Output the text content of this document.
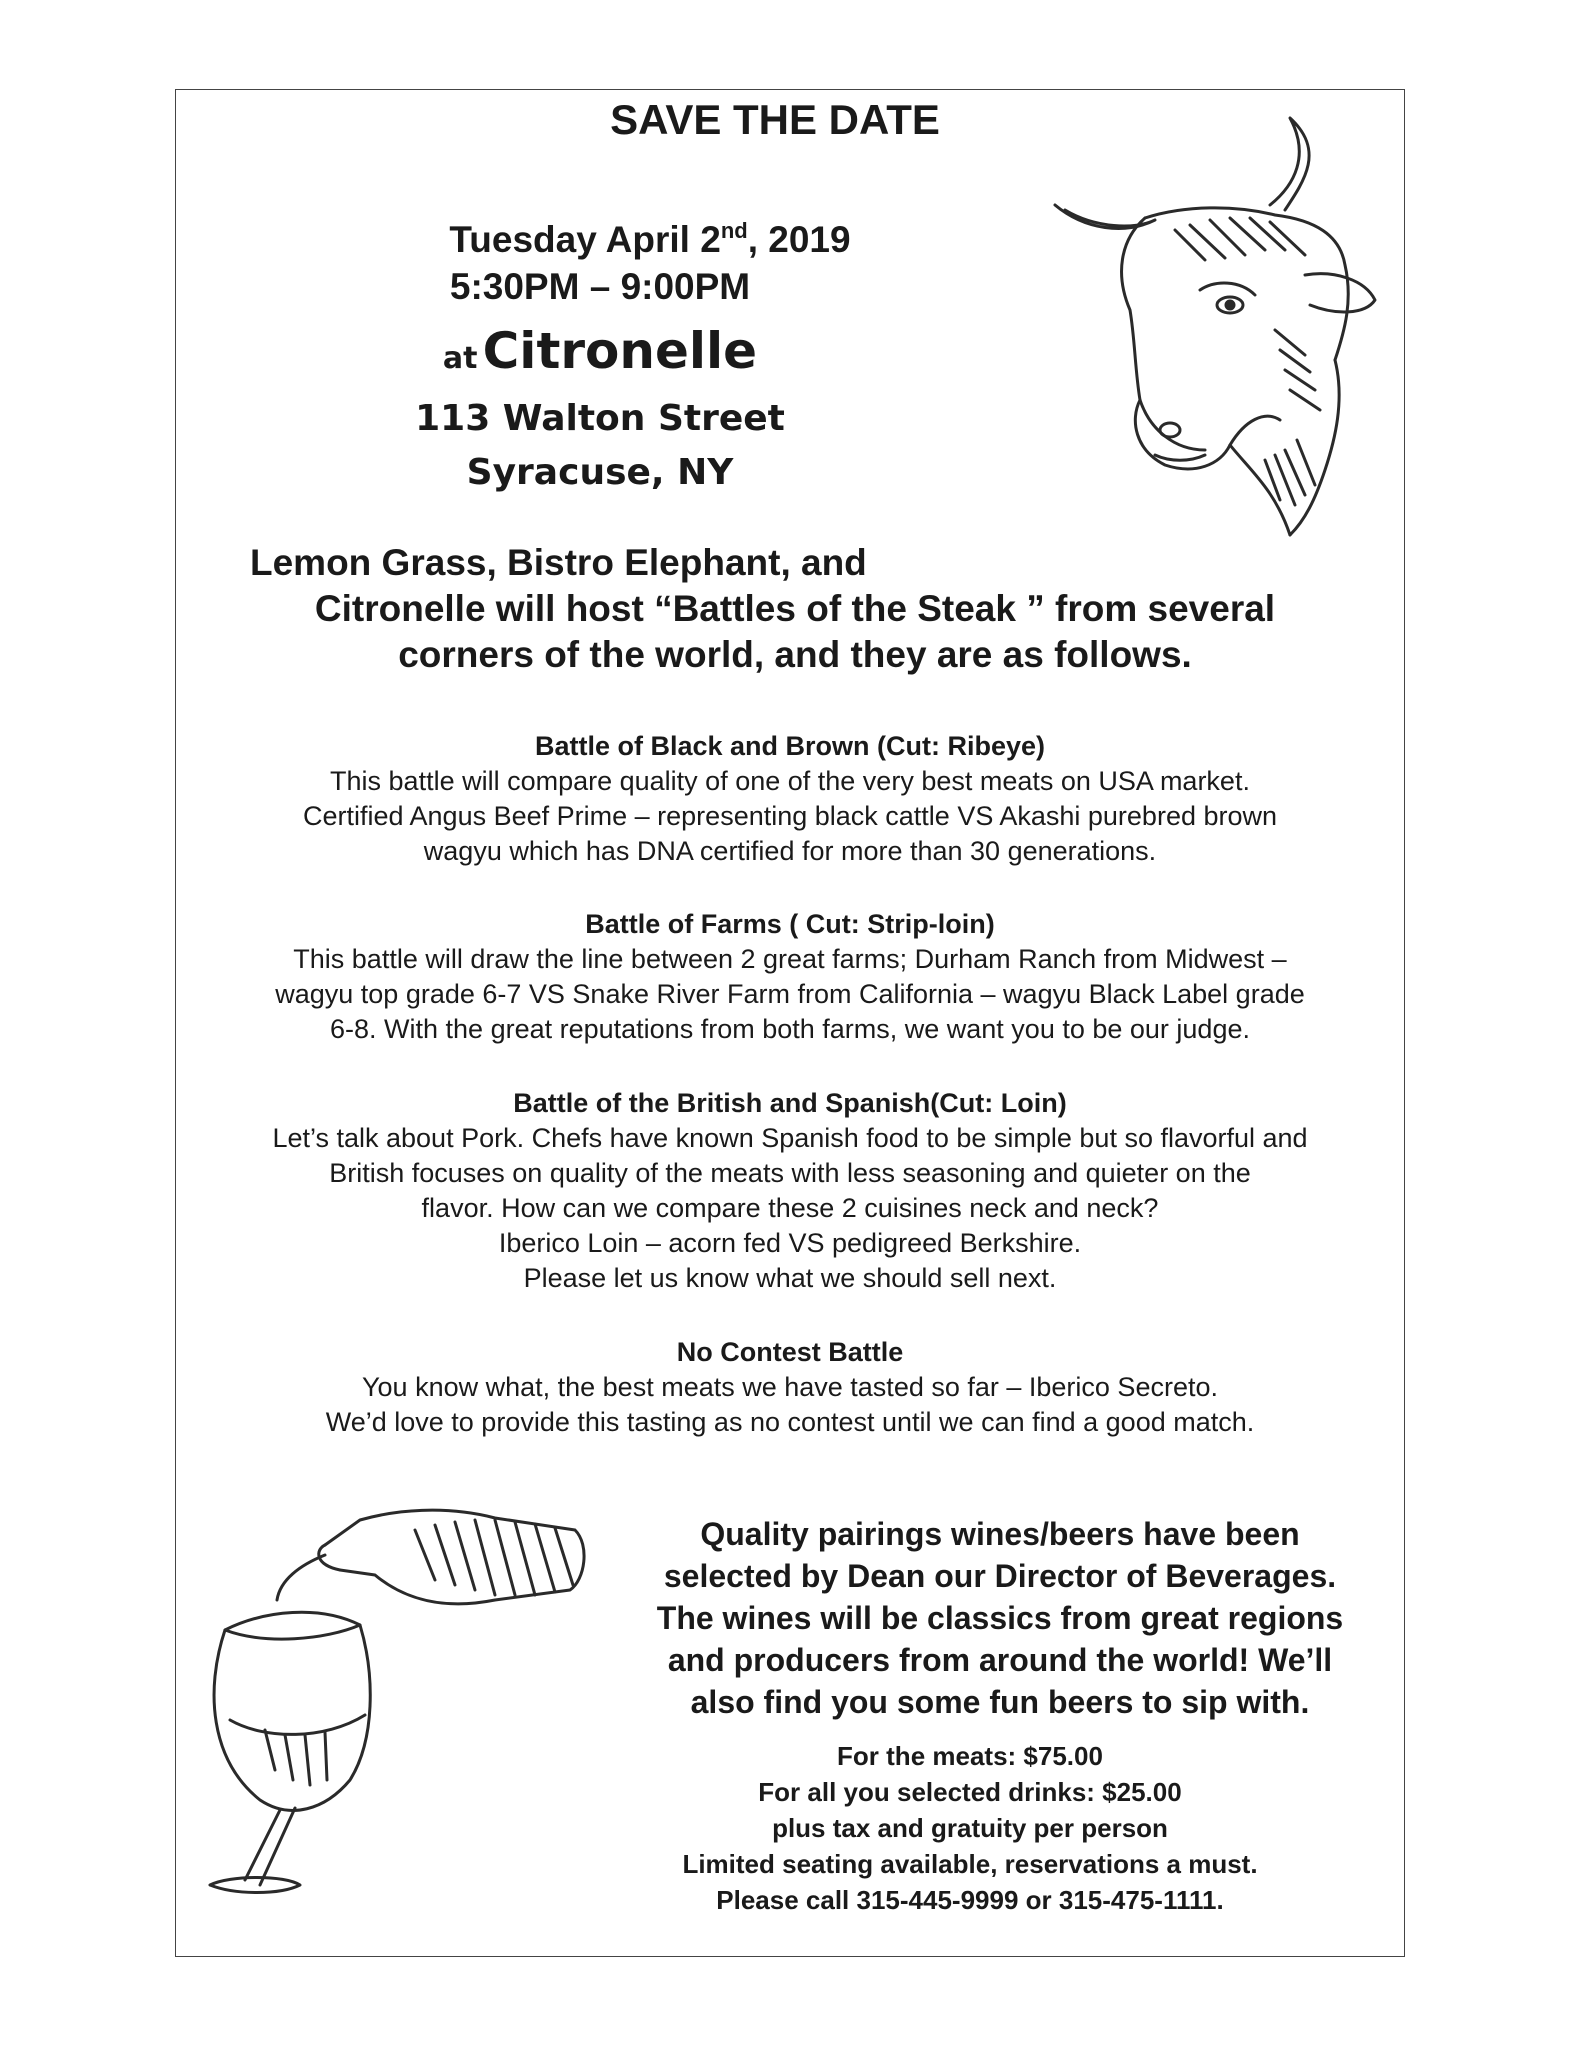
SAVE THE DATE
Tuesday April 2nd, 2019
5:30PM – 9:00PM
at Citronelle
113 Walton Street
Syracuse, NY
Lemon Grass, Bistro Elephant, and
Citronelle will host “Battles of the Steak ” from several
corners of the world, and they are as follows.
Battle of Black and Brown (Cut: Ribeye)
This battle will compare quality of one of the very best meats on USA market.
Certified Angus Beef Prime – representing black cattle VS Akashi purebred brown
wagyu which has DNA certified for more than 30 generations.
Battle of Farms ( Cut: Strip-loin)
This battle will draw the line between 2 great farms; Durham Ranch from Midwest –
wagyu top grade 6-7 VS Snake River Farm from California – wagyu Black Label grade
6-8. With the great reputations from both farms, we want you to be our judge.
Battle of the British and Spanish(Cut: Loin)
Let’s talk about Pork. Chefs have known Spanish food to be simple but so flavorful and
British focuses on quality of the meats with less seasoning and quieter on the
flavor. How can we compare these 2 cuisines neck and neck?
Iberico Loin – acorn fed VS pedigreed Berkshire.
Please let us know what we should sell next.
No Contest Battle
You know what, the best meats we have tasted so far – Iberico Secreto.
We’d love to provide this tasting as no contest until we can find a good match.
Quality pairings wines/beers have been
selected by Dean our Director of Beverages.
The wines will be classics from great regions
and producers from around the world! We’ll
also find you some fun beers to sip with.
For the meats: $75.00
For all you selected drinks: $25.00
plus tax and gratuity per person
Limited seating available, reservations a must.
Please call 315-445-9999 or 315-475-1111.
